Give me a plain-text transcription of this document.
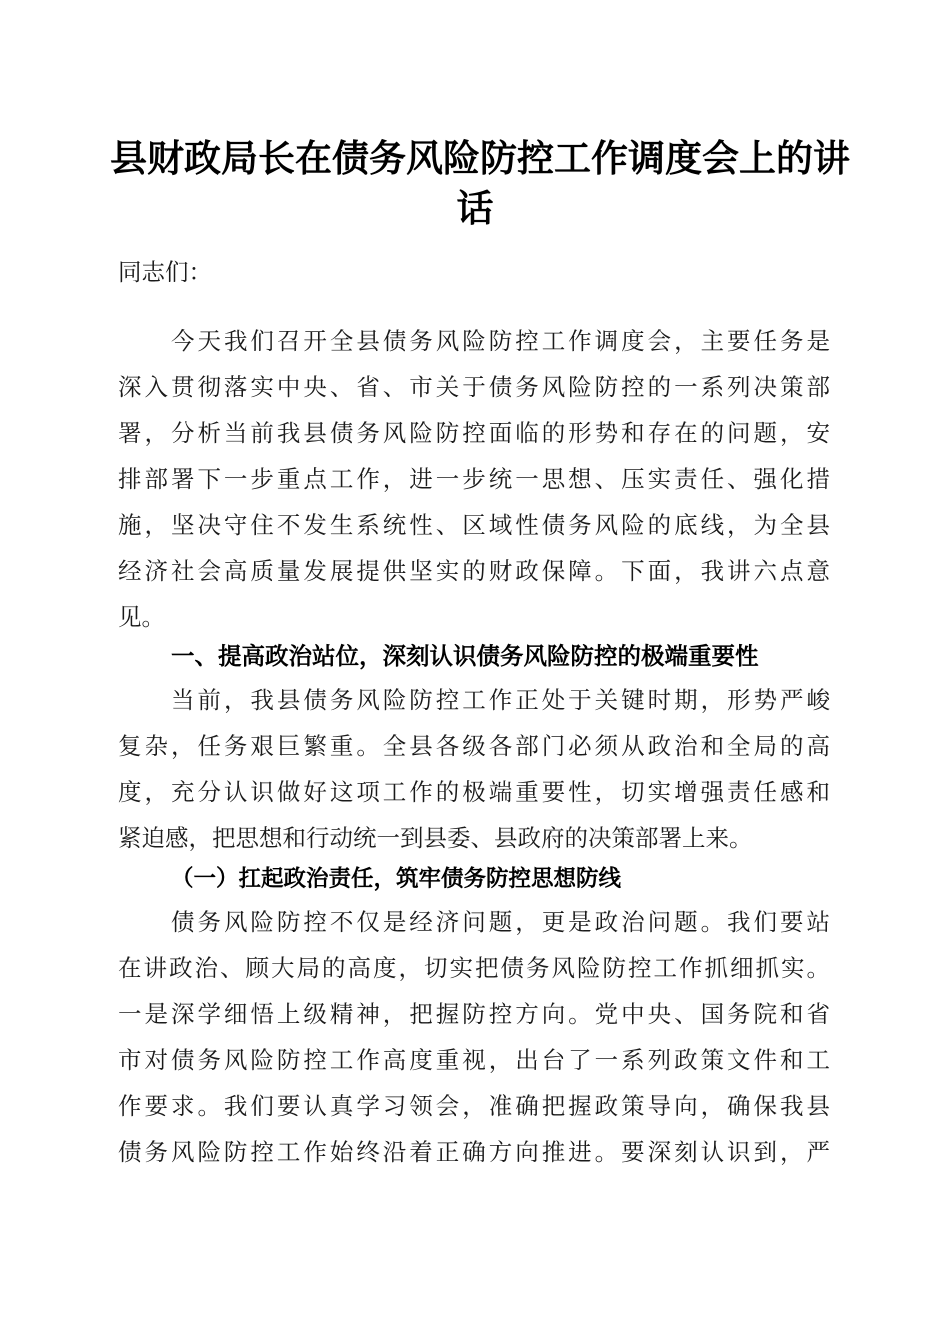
县财政局长在债务风险防控工作调度会上的讲
话
同志们：
今天我们召开全县债务风险防控工作调度会，主要任务是
深入贯彻落实中央、省、市关于债务风险防控的一系列决策部
署，分析当前我县债务风险防控面临的形势和存在的问题，安
排部署下一步重点工作，进一步统一思想、压实责任、强化措
施，坚决守住不发生系统性、区域性债务风险的底线，为全县
经济社会高质量发展提供坚实的财政保障。下面，我讲六点意
见。
一、提高政治站位，深刻认识债务风险防控的极端重要性
当前，我县债务风险防控工作正处于关键时期，形势严峻
复杂，任务艰巨繁重。全县各级各部门必须从政治和全局的高
度，充分认识做好这项工作的极端重要性，切实增强责任感和
紧迫感，把思想和行动统一到县委、县政府的决策部署上来。
（一）扛起政治责任，筑牢债务防控思想防线
债务风险防控不仅是经济问题，更是政治问题。我们要站
在讲政治、顾大局的高度，切实把债务风险防控工作抓细抓实。
一是深学细悟上级精神，把握防控方向。党中央、国务院和省
市对债务风险防控工作高度重视，出台了一系列政策文件和工
作要求。我们要认真学习领会，准确把握政策导向，确保我县
债务风险防控工作始终沿着正确方向推进。要深刻认识到，严
